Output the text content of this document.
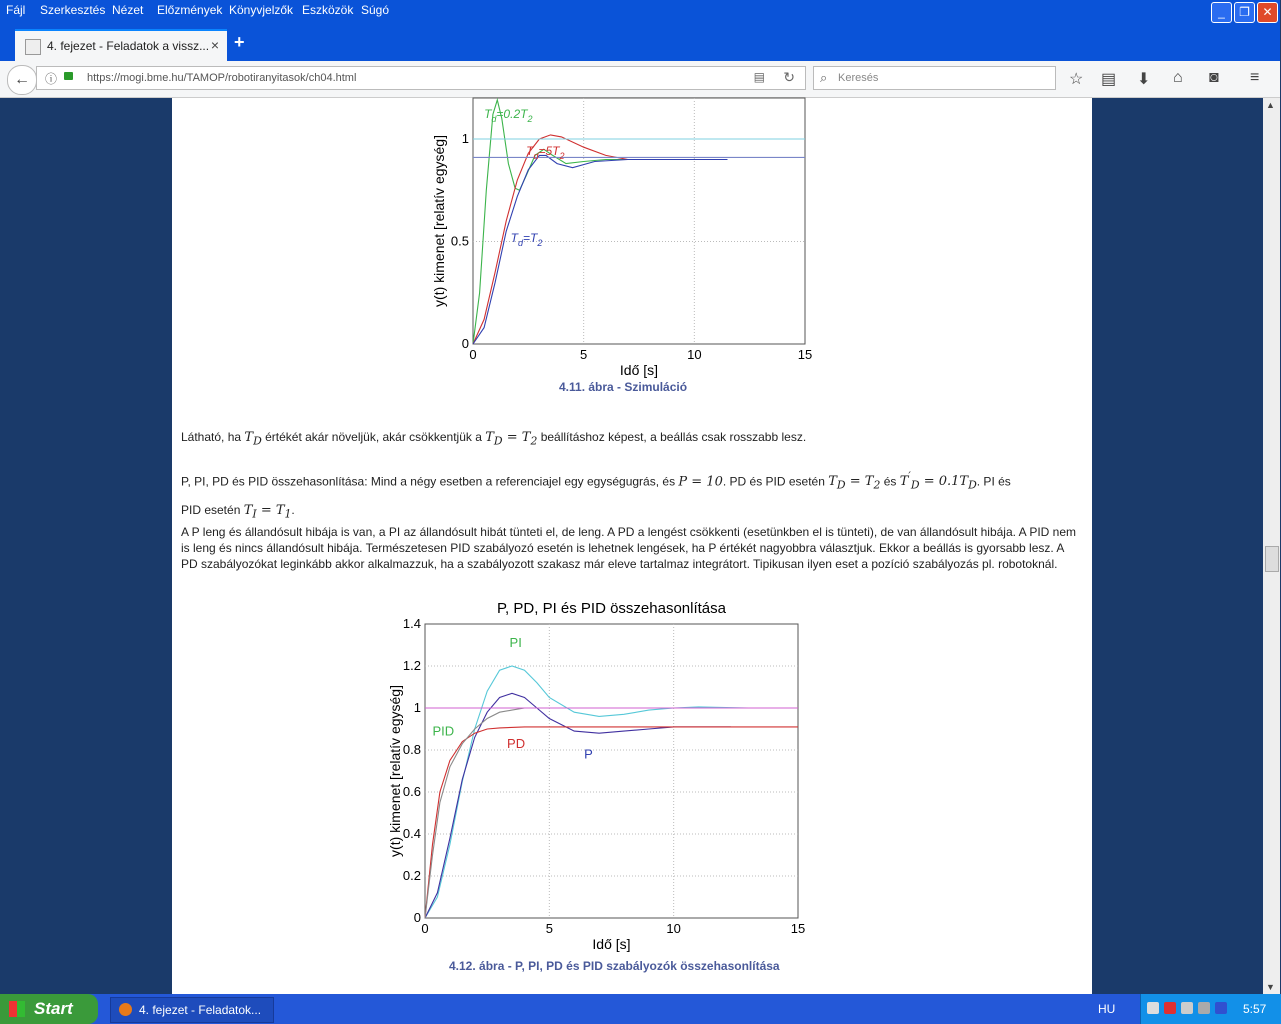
Fájl Szerkesztés Nézet Előzmények Könyvjelzők Eszközök Súgó	_	❐	✕
4. fejezet - Feladatok a vissz... × +
←	ⓘ	https://mogi.bme.hu/TAMOP/robotiranyitasok/ch04.html	▤ ↻ ⌕ Keresés	☆ ▤ ⬇ ⌂ ◙ ≡
0	5	10	15
0
0.5
1
Idő [s]
y(t) kimenet [relatív egység]
$T_d=0.2T_2$
$T_d=5T_2$
$T_d=T_2$
4.11. ábra - Szimuláció
Látható, ha $T_D$ értékét akár növeljük, akár csökkentjük a $T_D = T_2$ beállításhoz képest, a beállás csak rosszabb lesz.
P, PI, PD és PID összehasonlítása: Mind a négy esetben a referenciajel egy egységugrás, és P = 10. PD és PID esetén $T_D = T_2$ és $T'_D = 0.1T_D$. PI és
PID esetén $T_I = T_1$.
A P leng és állandósult hibája is van, a PI az állandósult hibát tünteti el, de leng. A PD a lengést csökkenti (esetünkben el is tünteti), de van állandósult hibája. A PID nem is leng és nincs állandósult hibája. Természetesen PID szabályozó esetén is lehetnek lengések, ha P értékét nagyobbra választjuk. Ekkor a beállás is gyorsabb lesz. A PD szabályozókat leginkább akkor alkalmazzuk, ha a szabályozott szakasz már eleve tartalmaz integrátort. Tipikusan ilyen eset a pozíció szabályozás pl. robotoknál.
0	5	10	15
0
0.2
0.4
0.6
0.8
1
1.2
1.4
Idő [s]
y(t) kimenet [relatív egység]
P, PD, PI és PID összehasonlítása
PI
PID
PD
P
4.12. ábra - P, PI, PD és PID szabályozók összehasonlítása
▲
▼
Start	4. fejezet - Feladatok...	HU	5:57
